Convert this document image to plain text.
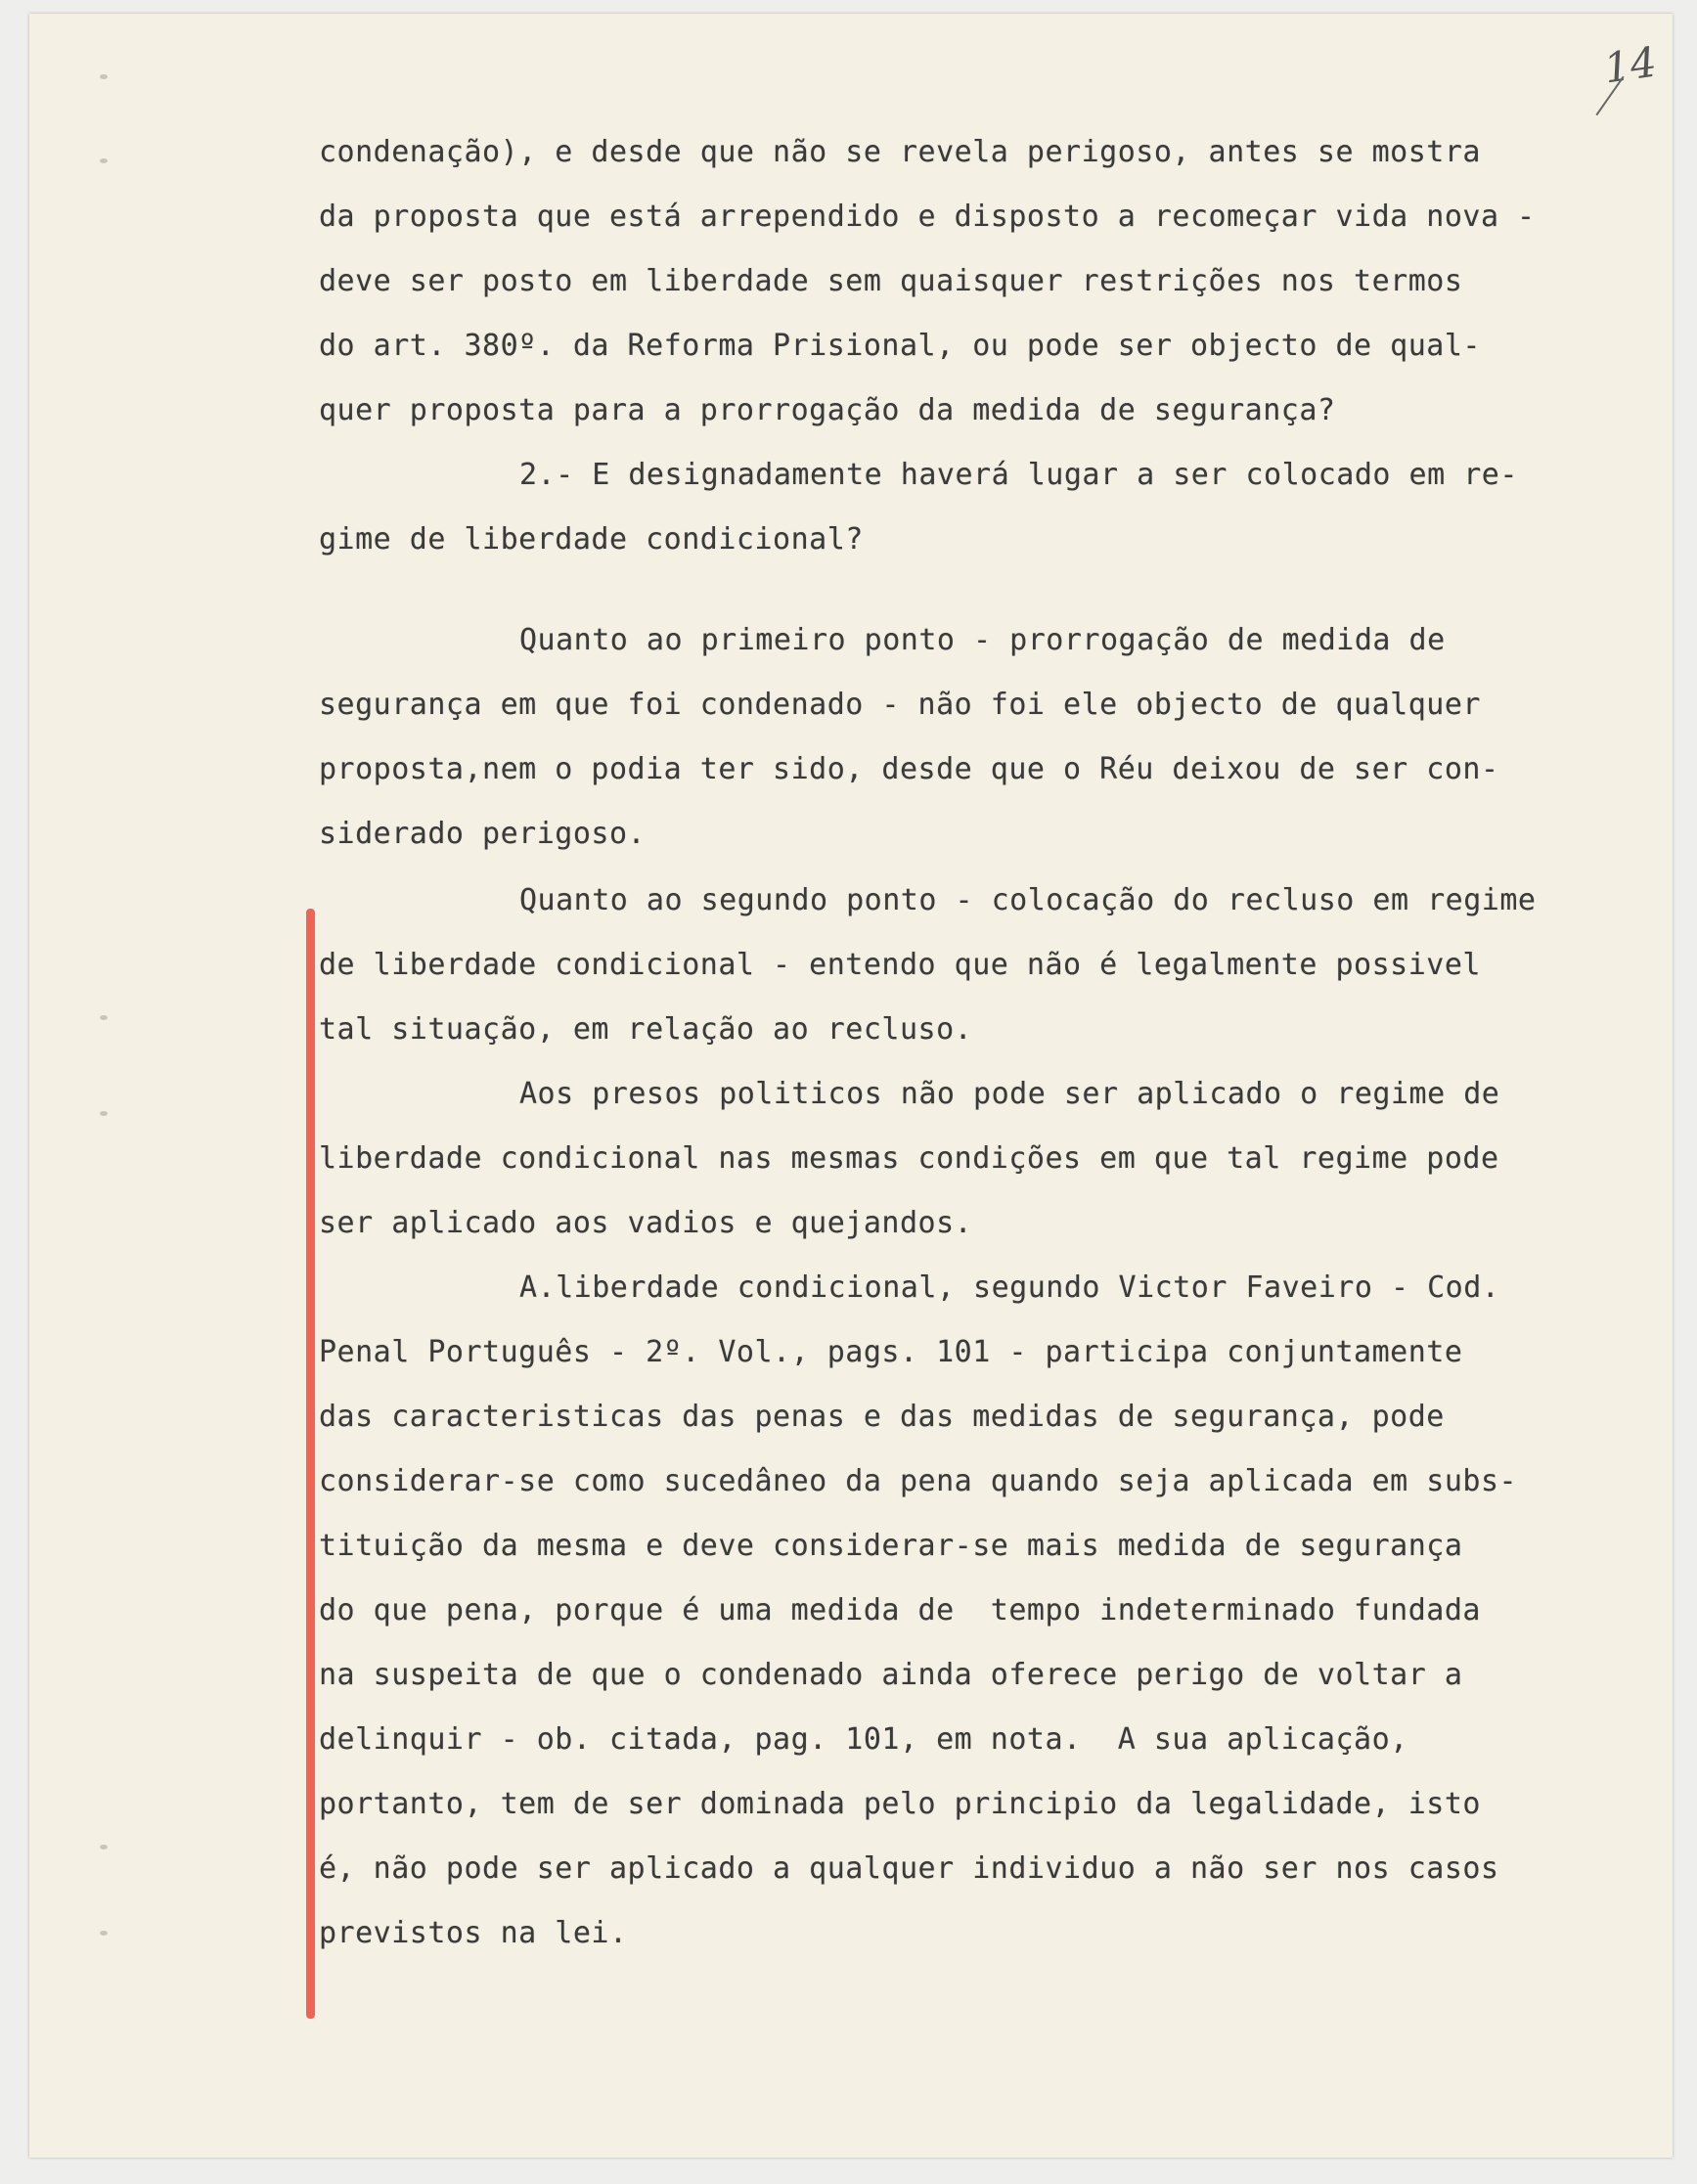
14
condenação), e desde que não se revela perigoso, antes se mostra
da proposta que está arrependido e disposto a recomeçar vida nova -
deve ser posto em liberdade sem quaisquer restrições nos termos
do art. 380º. da Reforma Prisional, ou pode ser objecto de qual-
quer proposta para a prorrogação da medida de segurança?
2.- E designadamente haverá lugar a ser colocado em re-
gime de liberdade condicional?
Quanto ao primeiro ponto - prorrogação de medida de
segurança em que foi condenado - não foi ele objecto de qualquer
proposta,nem o podia ter sido, desde que o Réu deixou de ser con-
siderado perigoso.
Quanto ao segundo ponto - colocação do recluso em regime
de liberdade condicional - entendo que não é legalmente possivel
tal situação, em relação ao recluso.
Aos presos politicos não pode ser aplicado o regime de
liberdade condicional nas mesmas condições em que tal regime pode
ser aplicado aos vadios e quejandos.
A.liberdade condicional, segundo Victor Faveiro - Cod.
Penal Português - 2º. Vol., pags. 101 - participa conjuntamente
das caracteristicas das penas e das medidas de segurança, pode
considerar-se como sucedâneo da pena quando seja aplicada em subs-
tituição da mesma e deve considerar-se mais medida de segurança
do que pena, porque é uma medida de  tempo indeterminado fundada
na suspeita de que o condenado ainda oferece perigo de voltar a
delinquir - ob. citada, pag. 101, em nota.  A sua aplicação,
portanto, tem de ser dominada pelo principio da legalidade, isto
é, não pode ser aplicado a qualquer individuo a não ser nos casos
previstos na lei.
